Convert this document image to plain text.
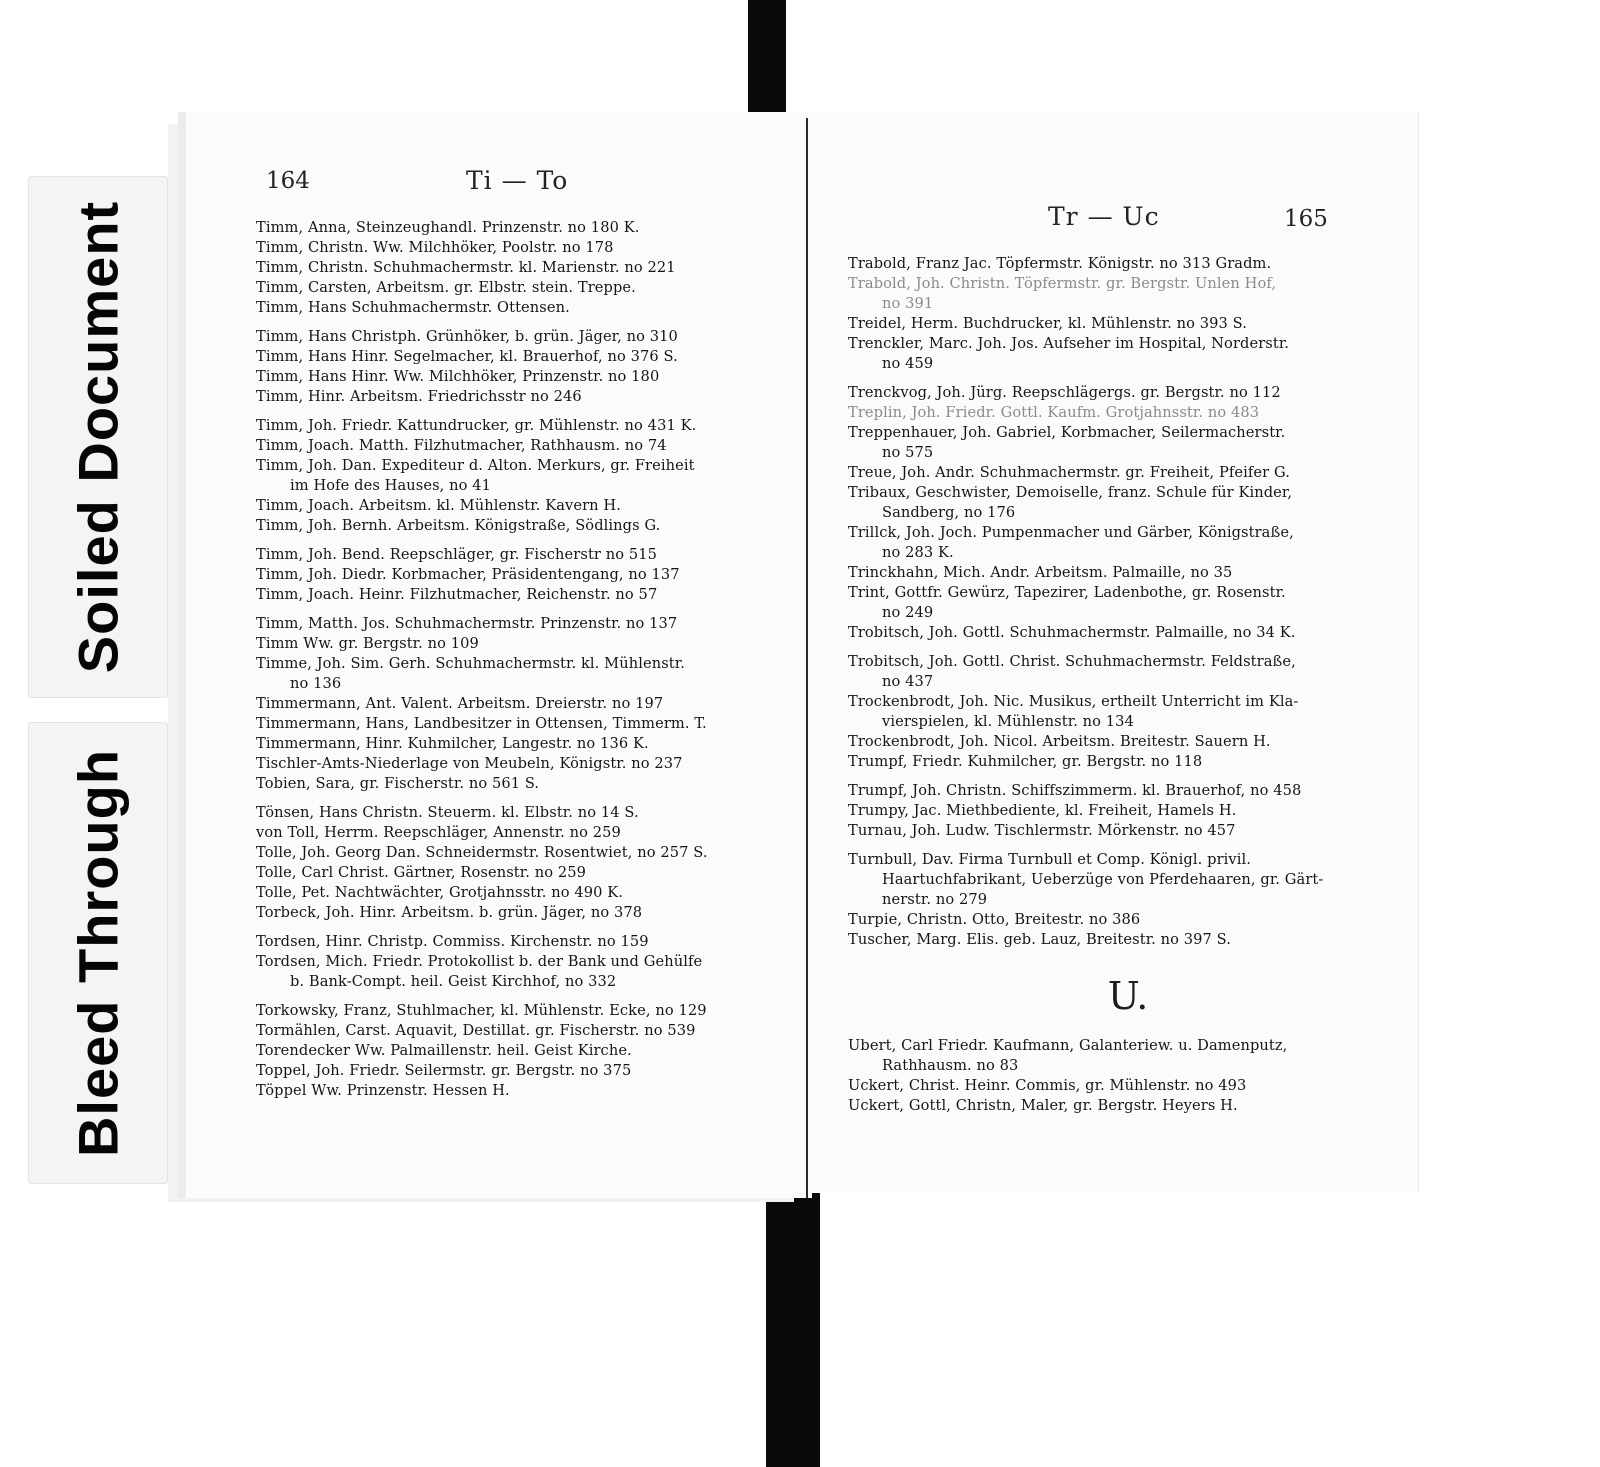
Soiled Document
Bleed Through
164	Ti — To
Timm, Anna, Steinzeughandl. Prinzenstr. no 180 K.
Timm, Christn. Ww. Milchhöker, Poolstr. no 178
Timm, Christn. Schuhmachermstr. kl. Marienstr. no 221
Timm, Carsten, Arbeitsm. gr. Elbstr. stein. Treppe.
Timm, Hans Schuhmachermstr. Ottensen.
Timm, Hans Christph. Grünhöker, b. grün. Jäger, no 310
Timm, Hans Hinr. Segelmacher, kl. Brauerhof, no 376 S.
Timm, Hans Hinr. Ww. Milchhöker, Prinzenstr. no 180
Timm, Hinr. Arbeitsm. Friedrichsstr no 246
Timm, Joh. Friedr. Kattundrucker, gr. Mühlenstr. no 431 K.
Timm, Joach. Matth. Filzhutmacher, Rathhausm. no 74
Timm, Joh. Dan. Expediteur d. Alton. Merkurs, gr. Freiheit
im Hofe des Hauses, no 41
Timm, Joach. Arbeitsm. kl. Mühlenstr. Kavern H.
Timm, Joh. Bernh. Arbeitsm. Königstraße, Södlings G.
Timm, Joh. Bend. Reepschläger, gr. Fischerstr no 515
Timm, Joh. Diedr. Korbmacher, Präsidentengang, no 137
Timm, Joach. Heinr. Filzhutmacher, Reichenstr. no 57
Timm, Matth. Jos. Schuhmachermstr. Prinzenstr. no 137
Timm Ww. gr. Bergstr. no 109
Timme, Joh. Sim. Gerh. Schuhmachermstr. kl. Mühlenstr.
no 136
Timmermann, Ant. Valent. Arbeitsm. Dreierstr. no 197
Timmermann, Hans, Landbesitzer in Ottensen, Timmerm. T.
Timmermann, Hinr. Kuhmilcher, Langestr. no 136 K.
Tischler-Amts-Niederlage von Meubeln, Königstr. no 237
Tobien, Sara, gr. Fischerstr. no 561 S.
Tönsen, Hans Christn. Steuerm. kl. Elbstr. no 14 S.
von Toll, Herrm. Reepschläger, Annenstr. no 259
Tolle, Joh. Georg Dan. Schneidermstr. Rosentwiet, no 257 S.
Tolle, Carl Christ. Gärtner, Rosenstr. no 259
Tolle, Pet. Nachtwächter, Grotjahnsstr. no 490 K.
Torbeck, Joh. Hinr. Arbeitsm. b. grün. Jäger, no 378
Tordsen, Hinr. Christp. Commiss. Kirchenstr. no 159
Tordsen, Mich. Friedr. Protokollist b. der Bank und Gehülfe
b. Bank-Compt. heil. Geist Kirchhof, no 332
Torkowsky, Franz, Stuhlmacher, kl. Mühlenstr. Ecke, no 129
Tormählen, Carst. Aquavit, Destillat. gr. Fischerstr. no 539
Torendecker Ww. Palmaillenstr. heil. Geist Kirche.
Toppel, Joh. Friedr. Seilermstr. gr. Bergstr. no 375
Töppel Ww. Prinzenstr. Hessen H.
Tr — Uc	165
Trabold, Franz Jac. Töpfermstr. Königstr. no 313 Gradm.
Trabold, Joh. Christn. Töpfermstr. gr. Bergstr. Unlen Hof,
no 391
Treidel, Herm. Buchdrucker, kl. Mühlenstr. no 393 S.
Trenckler, Marc. Joh. Jos. Aufseher im Hospital, Norderstr.
no 459
Trenckvog, Joh. Jürg. Reepschlägergs. gr. Bergstr. no 112
Treplin, Joh. Friedr. Gottl. Kaufm. Grotjahnsstr. no 483
Treppenhauer, Joh. Gabriel, Korbmacher, Seilermacherstr.
no 575
Treue, Joh. Andr. Schuhmachermstr. gr. Freiheit, Pfeifer G.
Tribaux, Geschwister, Demoiselle, franz. Schule für Kinder,
Sandberg, no 176
Trillck, Joh. Joch. Pumpenmacher und Gärber, Königstraße,
no 283 K.
Trinckhahn, Mich. Andr. Arbeitsm. Palmaille, no 35
Trint, Gottfr. Gewürz, Tapezirer, Ladenbothe, gr. Rosenstr.
no 249
Trobitsch, Joh. Gottl. Schuhmachermstr. Palmaille, no 34 K.
Trobitsch, Joh. Gottl. Christ. Schuhmachermstr. Feldstraße,
no 437
Trockenbrodt, Joh. Nic. Musikus, ertheilt Unterricht im Kla-
vierspielen, kl. Mühlenstr. no 134
Trockenbrodt, Joh. Nicol. Arbeitsm. Breitestr. Sauern H.
Trumpf, Friedr. Kuhmilcher, gr. Bergstr. no 118
Trumpf, Joh. Christn. Schiffszimmerm. kl. Brauerhof, no 458
Trumpy, Jac. Miethbediente, kl. Freiheit, Hamels H.
Turnau, Joh. Ludw. Tischlermstr. Mörkenstr. no 457
Turnbull, Dav. Firma Turnbull et Comp. Königl. privil.
Haartuchfabrikant, Ueberzüge von Pferdehaaren, gr. Gärt-
nerstr. no 279
Turpie, Christn. Otto, Breitestr. no 386
Tuscher, Marg. Elis. geb. Lauz, Breitestr. no 397 S.
U.
Ubert, Carl Friedr. Kaufmann, Galanteriew. u. Damenputz,
Rathhausm. no 83
Uckert, Christ. Heinr. Commis, gr. Mühlenstr. no 493
Uckert, Gottl, Christn, Maler, gr. Bergstr. Heyers H.
